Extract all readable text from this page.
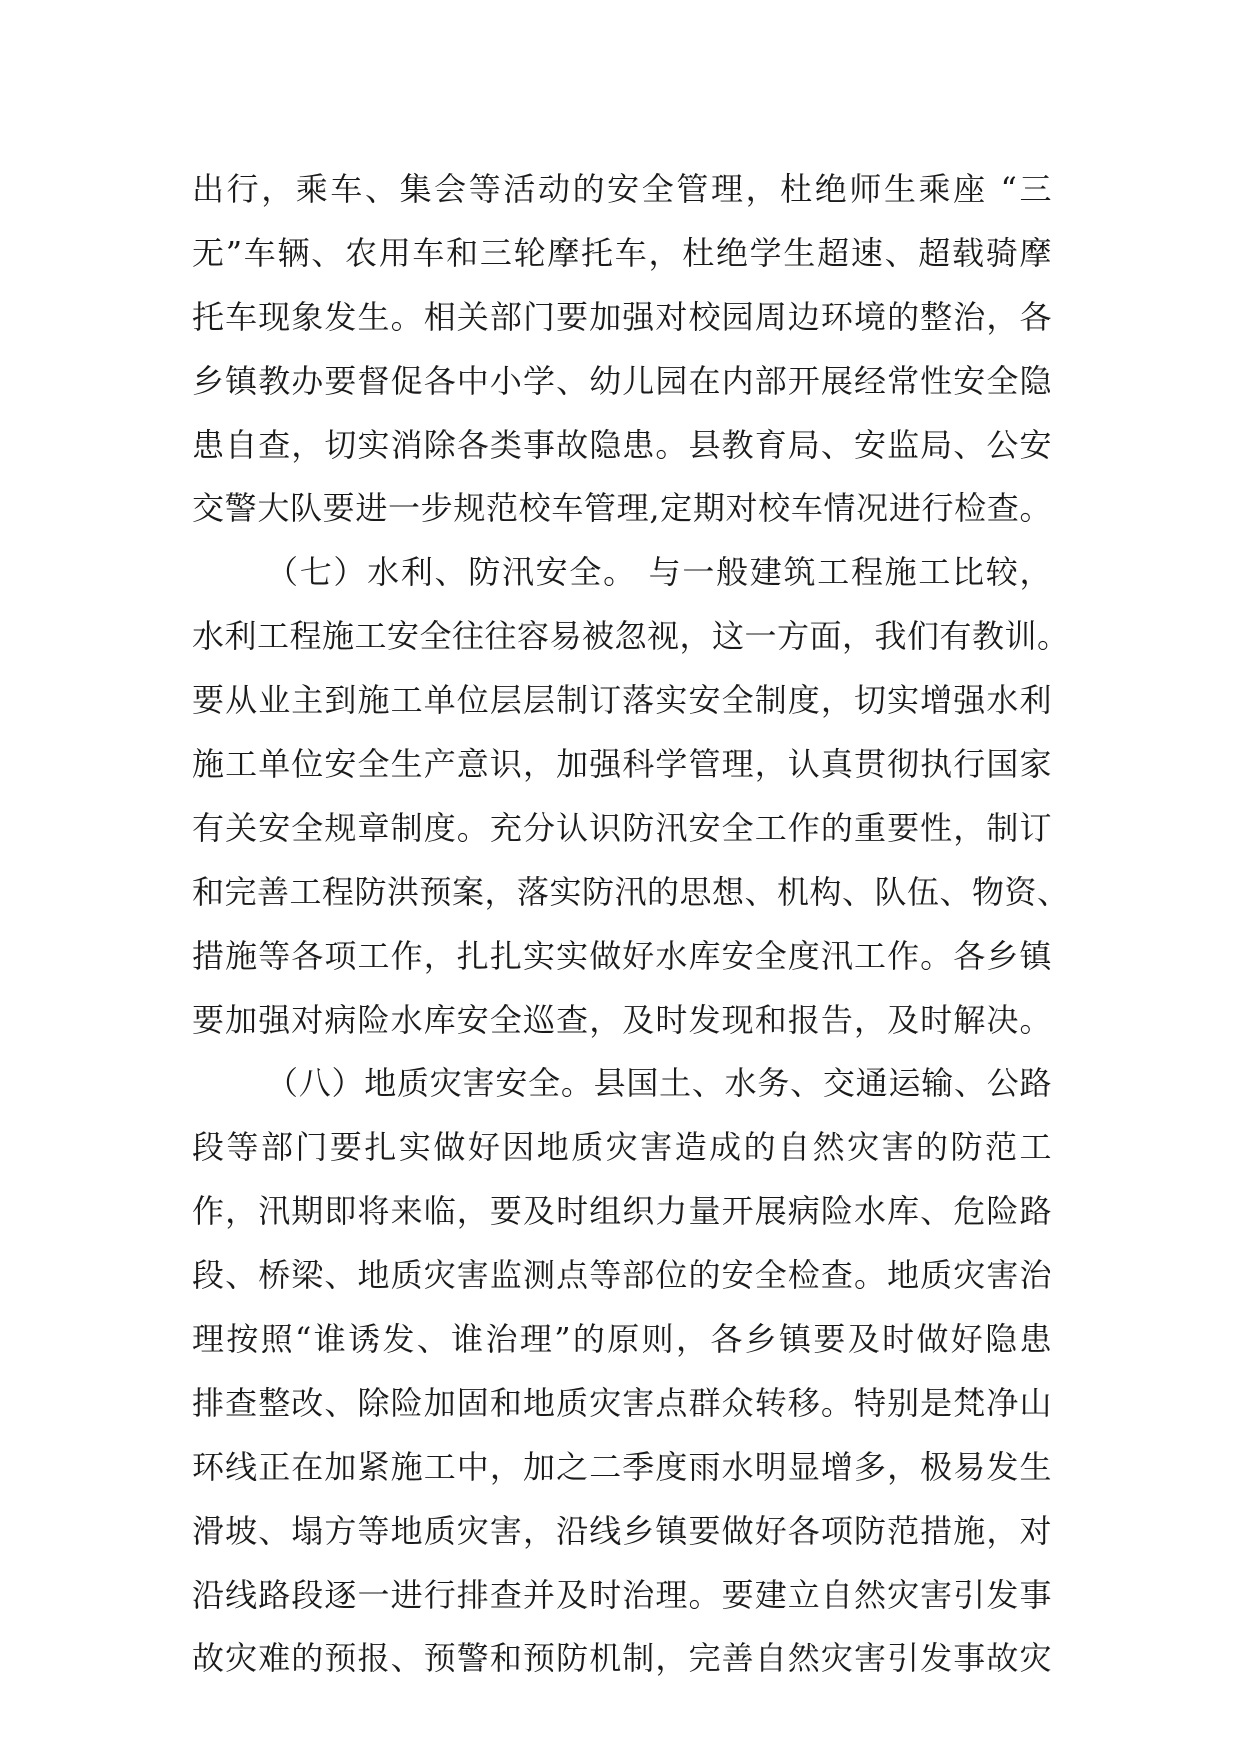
出行，乘车、集会等活动的安全管理，杜绝师生乘座 “三
无”车辆、农用车和三轮摩托车，杜绝学生超速、超载骑摩
托车现象发生。相关部门要加强对校园周边环境的整治，各
乡镇教办要督促各中小学、幼儿园在内部开展经常性安全隐
患自查，切实消除各类事故隐患。县教育局、安监局、公安
交警大队要进一步规范校车管理,定期对校车情况进行检查。
（七）水利、防汛安全。 与一般建筑工程施工比较，
水利工程施工安全往往容易被忽视，这一方面，我们有教训。
要从业主到施工单位层层制订落实安全制度，切实增强水利
施工单位安全生产意识，加强科学管理，认真贯彻执行国家
有关安全规章制度。充分认识防汛安全工作的重要性，制订
和完善工程防洪预案，落实防汛的思想、机构、队伍、物资、
措施等各项工作，扎扎实实做好水库安全度汛工作。各乡镇
要加强对病险水库安全巡查，及时发现和报告，及时解决。
（八）地质灾害安全。县国土、水务、交通运输、公路
段等部门要扎实做好因地质灾害造成的自然灾害的防范工
作，汛期即将来临，要及时组织力量开展病险水库、危险路
段、桥梁、地质灾害监测点等部位的安全检查。地质灾害治
理按照“谁诱发、谁治理”的原则，各乡镇要及时做好隐患
排查整改、除险加固和地质灾害点群众转移。特别是梵净山
环线正在加紧施工中，加之二季度雨水明显增多，极易发生
滑坡、塌方等地质灾害，沿线乡镇要做好各项防范措施，对
沿线路段逐一进行排查并及时治理。要建立自然灾害引发事
故灾难的预报、预警和预防机制，完善自然灾害引发事故灾
